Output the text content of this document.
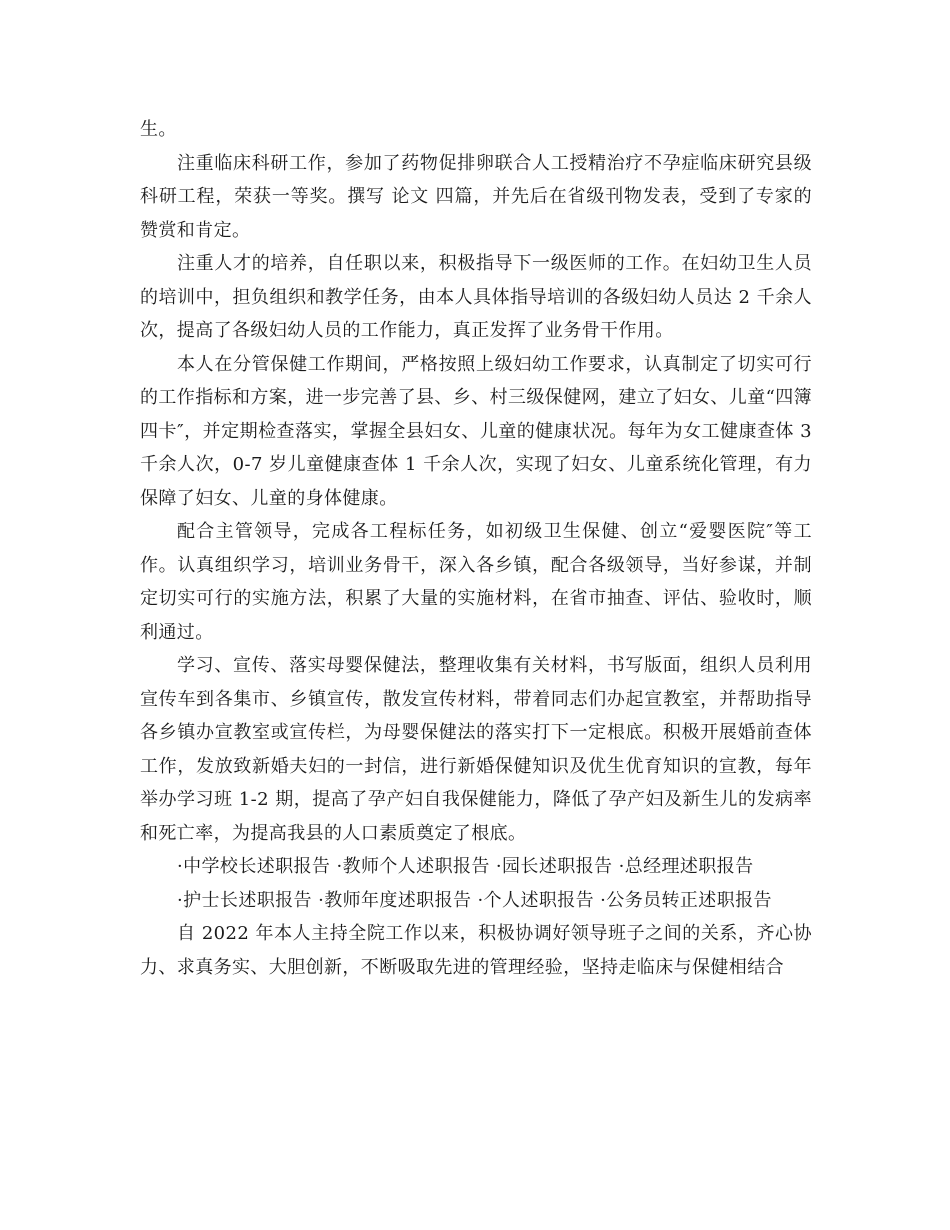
生。

注重临床科研工作，参加了药物促排卵联合人工授精治疗不孕症临床研究县级科研工程，荣获一等奖。撰写 论文 四篇，并先后在省级刊物发表，受到了专家的赞赏和肯定。

注重人才的培养，自任职以来，积极指导下一级医师的工作。在妇幼卫生人员的培训中，担负组织和教学任务，由本人具体指导培训的各级妇幼人员达 2 千余人次，提高了各级妇幼人员的工作能力，真正发挥了业务骨干作用。

本人在分管保健工作期间，严格按照上级妇幼工作要求，认真制定了切实可行的工作指标和方案，进一步完善了县、乡、村三级保健网，建立了妇女、儿童“四簿四卡″，并定期检查落实，掌握全县妇女、儿童的健康状况。每年为女工健康查体 3 千余人次，0-7 岁儿童健康查体 1 千余人次，实现了妇女、儿童系统化管理，有力保障了妇女、儿童的身体健康。

配合主管领导，完成各工程标任务，如初级卫生保健、创立“爱婴医院″等工作。认真组织学习，培训业务骨干，深入各乡镇，配合各级领导，当好参谋，并制定切实可行的实施方法，积累了大量的实施材料，在省市抽查、评估、验收时，顺利通过。

学习、宣传、落实母婴保健法，整理收集有关材料，书写版面，组织人员利用宣传车到各集市、乡镇宣传，散发宣传材料，带着同志们办起宣教室，并帮助指导各乡镇办宣教室或宣传栏，为母婴保健法的落实打下一定根底。积极开展婚前查体工作，发放致新婚夫妇的一封信，进行新婚保健知识及优生优育知识的宣教，每年举办学习班 1-2 期，提高了孕产妇自我保健能力，降低了孕产妇及新生儿的发病率和死亡率，为提高我县的人口素质奠定了根底。

·中学校长述职报告 ·教师个人述职报告 ·园长述职报告 ·总经理述职报告

·护士长述职报告 ·教师年度述职报告 ·个人述职报告 ·公务员转正述职报告

自 2022 年本人主持全院工作以来，积极协调好领导班子之间的关系，齐心协力、求真务实、大胆创新，不断吸取先进的管理经验，坚持走临床与保健相结合
